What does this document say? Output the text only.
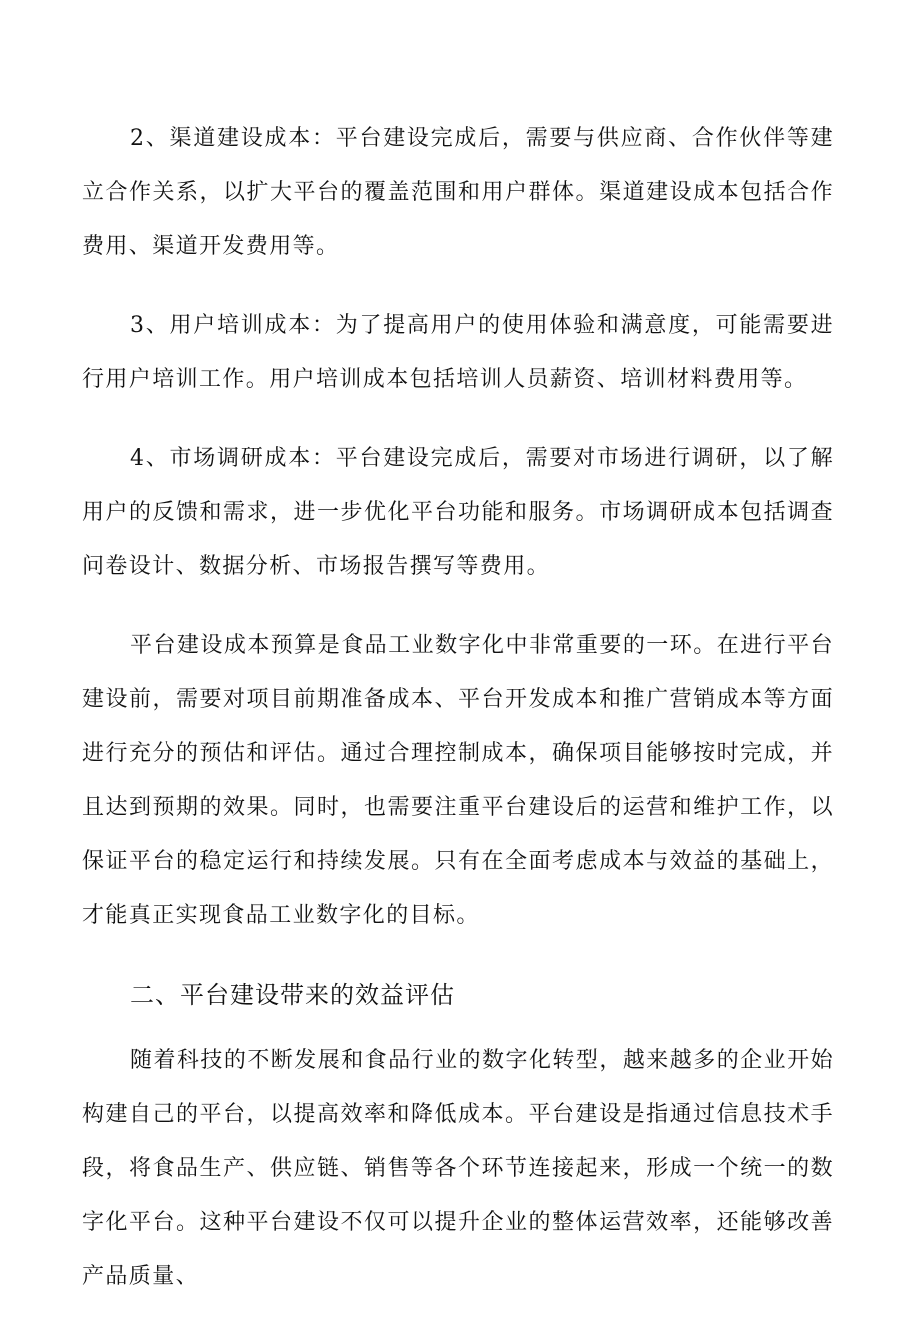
2、渠道建设成本：平台建设完成后，需要与供应商、合作伙伴等建立合作关系，以扩大平台的覆盖范围和用户群体。渠道建设成本包括合作费用、渠道开发费用等。

3、用户培训成本：为了提高用户的使用体验和满意度，可能需要进行用户培训工作。用户培训成本包括培训人员薪资、培训材料费用等。

4、市场调研成本：平台建设完成后，需要对市场进行调研，以了解用户的反馈和需求，进一步优化平台功能和服务。市场调研成本包括调查问卷设计、数据分析、市场报告撰写等费用。

平台建设成本预算是食品工业数字化中非常重要的一环。在进行平台建设前，需要对项目前期准备成本、平台开发成本和推广营销成本等方面进行充分的预估和评估。通过合理控制成本，确保项目能够按时完成，并且达到预期的效果。同时，也需要注重平台建设后的运营和维护工作，以保证平台的稳定运行和持续发展。只有在全面考虑成本与效益的基础上，才能真正实现食品工业数字化的目标。

二、平台建设带来的效益评估

随着科技的不断发展和食品行业的数字化转型，越来越多的企业开始构建自己的平台，以提高效率和降低成本。平台建设是指通过信息技术手段，将食品生产、供应链、销售等各个环节连接起来，形成一个统一的数字化平台。这种平台建设不仅可以提升企业的整体运营效率，还能够改善产品质量、
